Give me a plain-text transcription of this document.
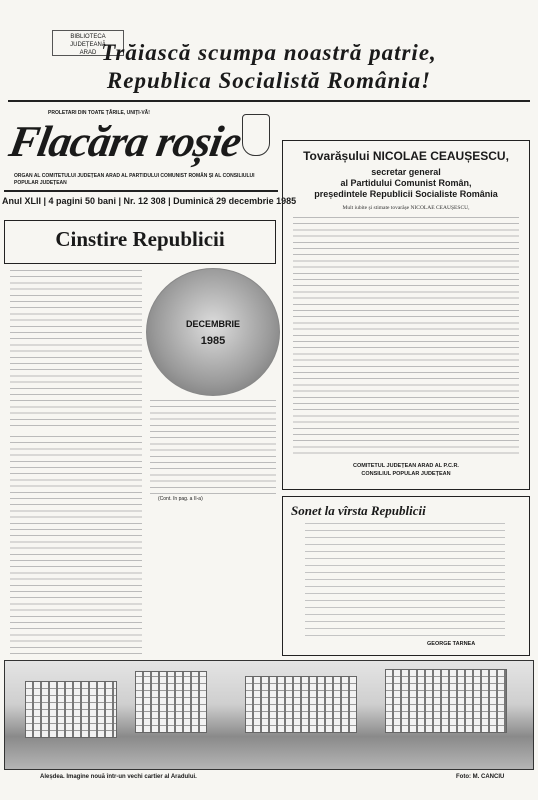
BIBLIOTECA
JUDEȚEANĂ
ARAD Trăiască scumpa noastră patrie,
Republica Socialistă România!
PROLETARI DIN TOATE ȚĂRILE, UNIȚI-VĂ!
Flacăra roșie
ORGAN AL COMITETULUI JUDEȚEAN ARAD AL PARTIDULUI COMUNIST ROMÂN ȘI AL CONSILIULUI POPULAR JUDEȚEAN
Anul XLII | 4 pagini 50 bani | Nr. 12 308 | Duminică 29 decembrie 1985
Tovarășului NICOLAE CEAUȘESCU,
secretar general
al Partidului Comunist Român,
președintele Republicii Socialiste România
Mult iubite și stimate tovarășe NICOLAE CEAUȘESCU,
COMITETUL JUDEȚEAN ARAD AL P.C.R.
CONSILIUL POPULAR JUDEȚEAN
Cinstire Republicii
DECEMBRIE
1985
(Cont. în pag. a II-a)
Sonet la vîrsta Republicii
GEORGE TARNEA
Aleșdea. Imagine nouă într-un vechi cartier al Aradului.	Foto: M. CANCIU
